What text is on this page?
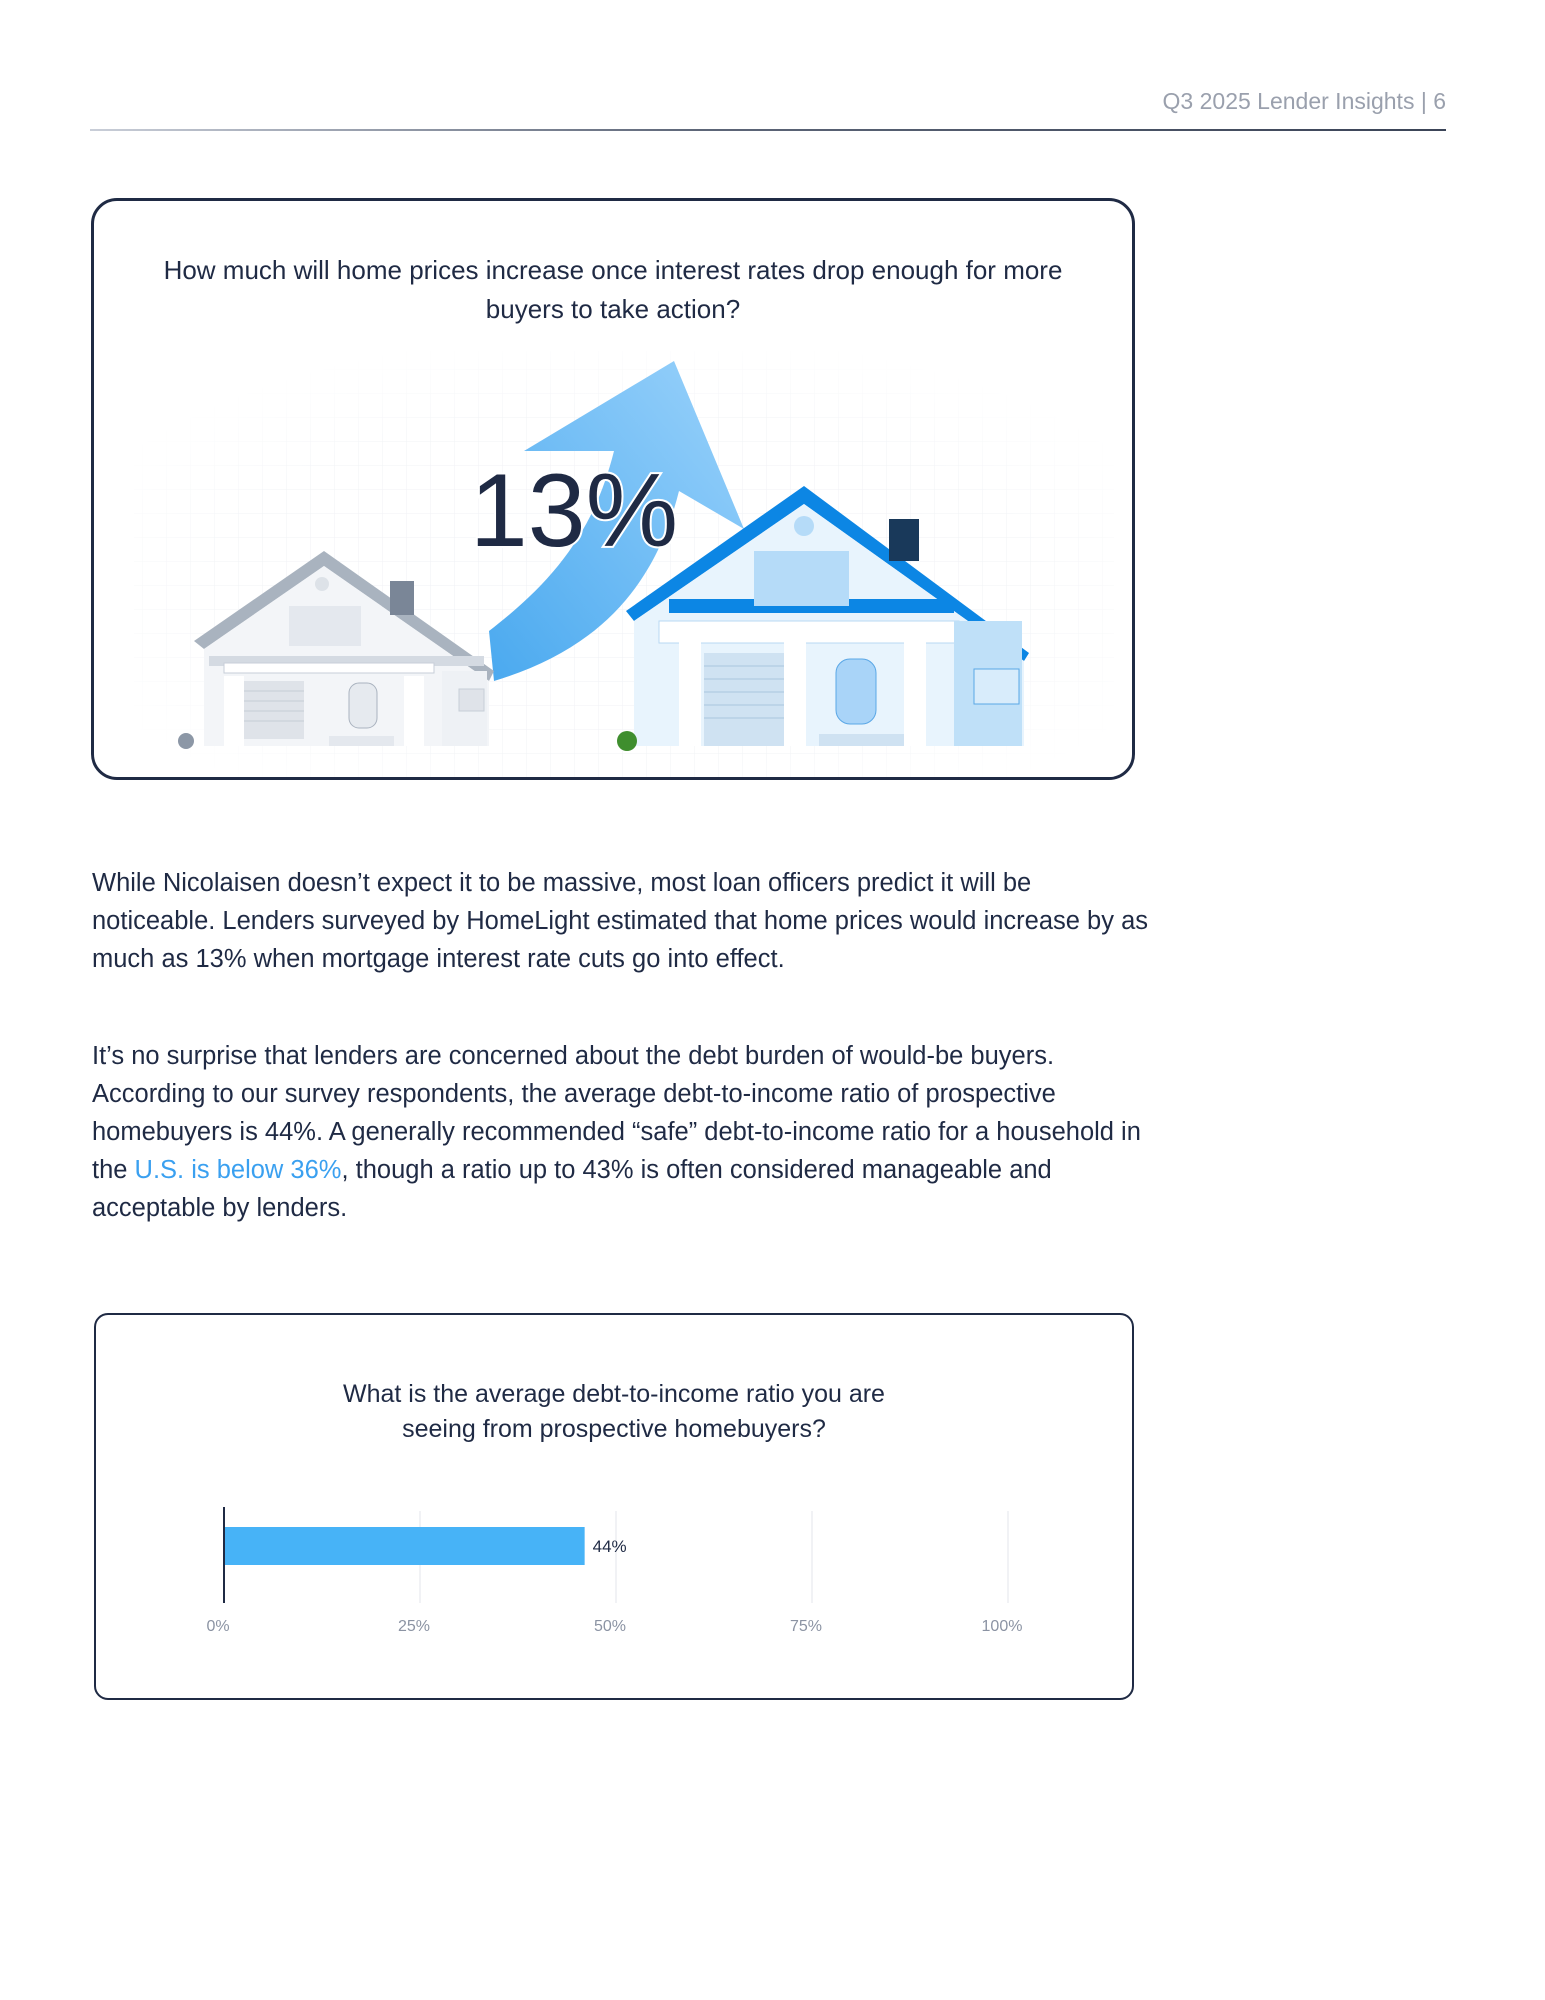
Q3 2025 Lender Insights | 6
How much will home prices increase once interest rates drop enough for more buyers to take action?
13%

While Nicolaisen doesn’t expect it to be massive, most loan officers predict it will be noticeable. Lenders surveyed by HomeLight estimated that home prices would increase by as much as 13% when mortgage interest rate cuts go into effect.

It’s no surprise that lenders are concerned about the debt burden of would-be buyers. According to our survey respondents, the average debt-to-income ratio of prospective homebuyers is 44%. A generally recommended “safe” debt-to-income ratio for a household in the U.S. is below 36%, though a ratio up to 43% is often considered manageable and acceptable by lenders.

What is the average debt-to-income ratio you are seeing from prospective homebuyers?
0%	25%	50%	75%	100%
44%
